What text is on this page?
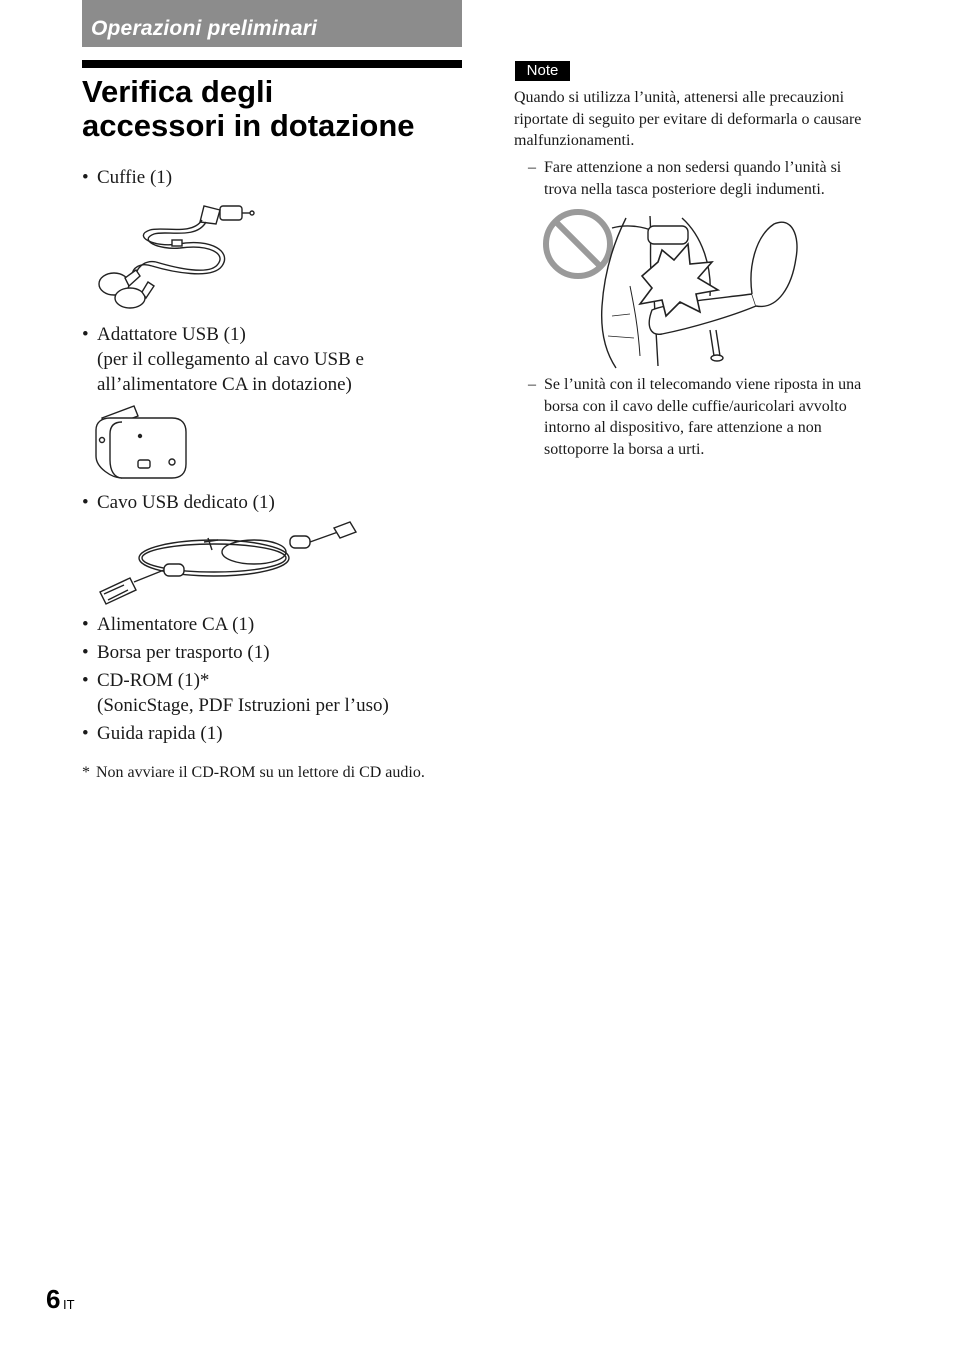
Operazioni preliminari
Verifica degli
accessori in dotazione
• Cuffie (1)
• Adattatore USB (1)
(per il collegamento al cavo USB e
all’alimentatore CA in dotazione)
• Cavo USB dedicato (1)
• Alimentatore CA (1)
• Borsa per trasporto (1)
• CD-ROM (1)*
(SonicStage, PDF Istruzioni per l’uso)
• Guida rapida (1)
* Non avviare il CD-ROM su un lettore di CD audio.
Note

Quando si utilizza l’unità, attenersi alle precauzioni riportate di seguito per evitare di deformarla o causare malfunzionamenti.

– Fare attenzione a non sedersi quando l’unità si trova nella tasca posteriore degli indumenti.
– Se l’unità con il telecomando viene riposta in una borsa con il cavo delle cuffie/auricolari avvolto intorno al dispositivo, fare attenzione a non sottoporre la borsa a urti.
6 IT
